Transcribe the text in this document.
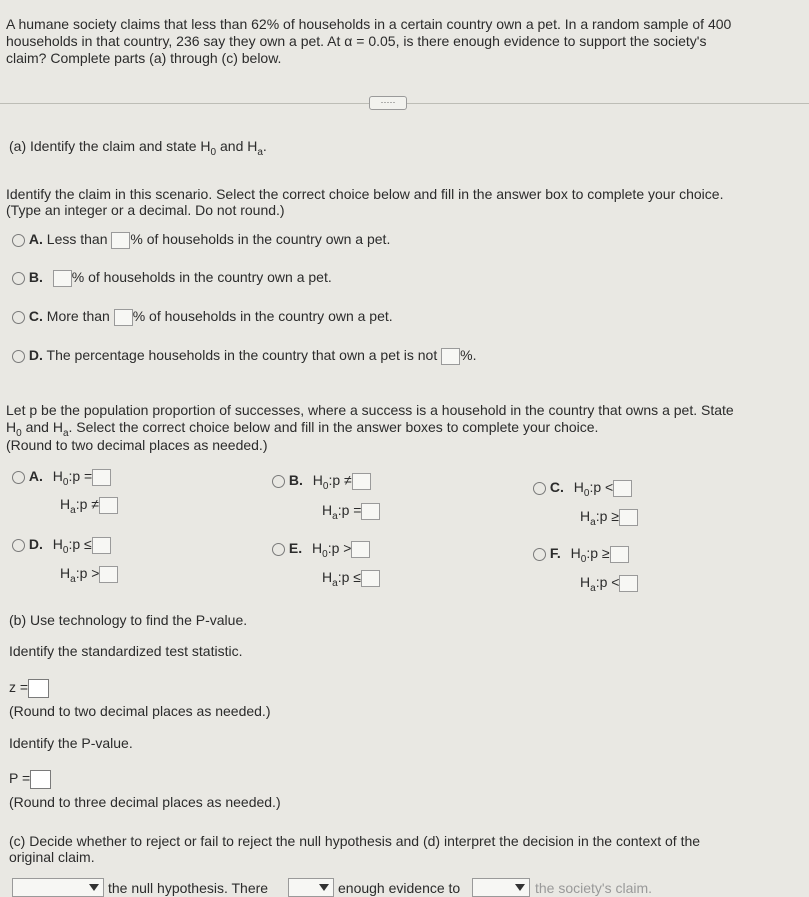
A humane society claims that less than 62% of households in a certain country own a pet. In a random sample of 400
households in that country, 236 say they own a pet. At α = 0.05, is there enough evidence to support the society's
claim? Complete parts (a) through (c) below.
·····
(a) Identify the claim and state $H_0$ and $H_a$.
Identify the claim in this scenario. Select the correct choice below and fill in the answer box to complete your choice.
(Type an integer or a decimal. Do not round.)
A. Less than % of households in the country own a pet.
B. % of households in the country own a pet.
C. More than % of households in the country own a pet.
D. The percentage households in the country that own a pet is not %.
Let p be the population proportion of successes, where a success is a household in the country that owns a pet. State
$H_0$ and $H_a$. Select the correct choice below and fill in the answer boxes to complete your choice.
(Round to two decimal places as needed.)
A. $H_0:p$ =
$H_a:p$ ≠
B. $H_0:p$ ≠
$H_a:p$ =
C. $H_0:p$ <
$H_a:p$ ≥
D. $H_0:p$ ≤
$H_a:p$ >
E. $H_0:p$ >
$H_a:p$ ≤
F. $H_0:p$ ≥
$H_a:p$ <
(b) Use technology to find the P-value.
Identify the standardized test statistic.
z =
(Round to two decimal places as needed.)
Identify the P-value.
P =
(Round to three decimal places as needed.)
(c) Decide whether to reject or fail to reject the null hypothesis and (d) interpret the decision in the context of the
original claim.
the null hypothesis. There	enough evidence to	the society's claim.
